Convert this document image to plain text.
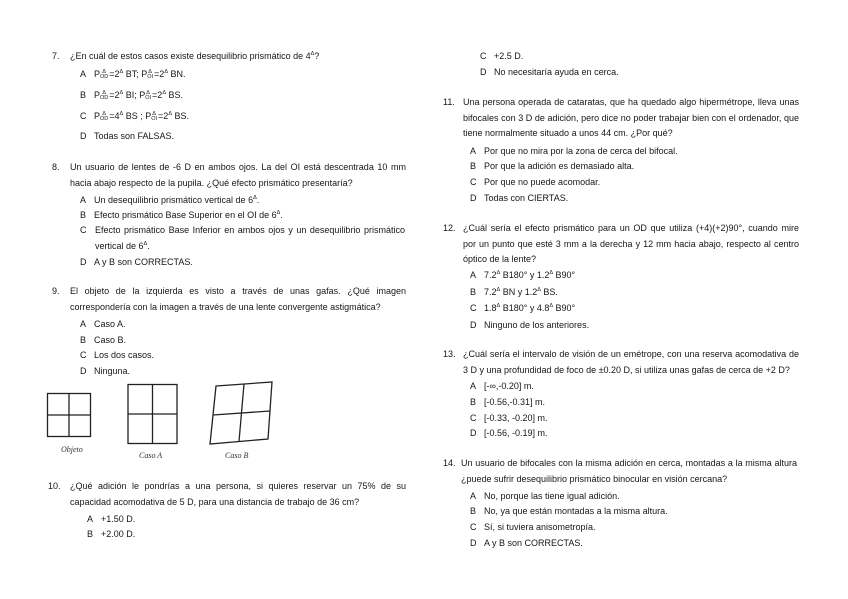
7. ¿En cuál de estos casos existe desequilibrio prismático de $4^\Delta$?
A P Δ
OD $=2^\Delta$ BT; P Δ
OI $=2^\Delta$ BN.
B P Δ
OD $=2^\Delta$ BI; P Δ
OI $=2^\Delta$ BS.
C P Δ
OD $=4^\Delta$ BS ; P Δ
OI $=2^\Delta$ BS.
D Todas son FALSAS.
8. Un usuario de lentes de -6 D en ambos ojos. La del OI está descentrada 10 mm hacia abajo respecto de la pupila. ¿Qué efecto prismático presentaría?
A Un desequilibrio prismático vertical de $6^\Delta$.
B Efecto prismático Base Superior en el OI de $6^\Delta$.
C Efecto prismático Base Inferior en ambos ojos y un desequilibrio prismático vertical de $6^\Delta$.
D A y B son CORRECTAS.
9. El objeto de la izquierda es visto a través de unas gafas. ¿Qué imagen correspondería con la imagen a través de una lente convergente astigmática?
A Caso A.
B Caso B.
C Los dos casos.
D Ninguna.
Objeto
Caso A	Caso B
10. ¿Qué adición le pondrías a una persona, si quieres reservar un 75% de su capacidad acomodativa de 5 D, para una distancia de trabajo de 36 cm?
A +1.50 D.
B +2.00 D.
C +2.5 D.
D No necesitaría ayuda en cerca.
11. Una persona operada de cataratas, que ha quedado algo hipermétrope, lleva unas bifocales con 3 D de adición, pero dice no poder trabajar bien con el ordenador, que tiene normalmente situado a unos 44 cm. ¿Por qué?
A Por que no mira por la zona de cerca del bifocal.
B Por que la adición es demasiado alta.
C Por que no puede acomodar.
D Todas con CIERTAS.
12. ¿Cuál sería el efecto prismático para un OD que utiliza (+4)(+2)90°, cuando mire por un punto que esté 3 mm a la derecha y 12 mm hacia abajo, respecto al centro óptico de la lente?
A $7.2^\Delta$ B180° y $1.2^\Delta$ B90°
B $7.2^\Delta$ BN y $1.2^\Delta$ BS.
C $1.8^\Delta$ B180° y $4.8^\Delta$ B90°
D Ninguno de los anteriores.
13. ¿Cuál sería el intervalo de visión de un emétrope, con una reserva acomodativa de 3 D y una profundidad de foco de ±0.20 D, si utiliza unas gafas de cerca de +2 D?
A [-∞,-0.20] m.
B [-0.56,-0.31] m.
C [-0.33, -0.20] m.
D [-0.56, -0.19] m.
14. Un usuario de bifocales con la misma adición en cerca, montadas a la misma altura ¿puede sufrir desequilibrio prismático binocular en visión cercana?
A No, porque las tiene igual adición.
B No, ya que están montadas a la misma altura.
C Sí, si tuviera anisometropía.
D A y B son CORRECTAS.
